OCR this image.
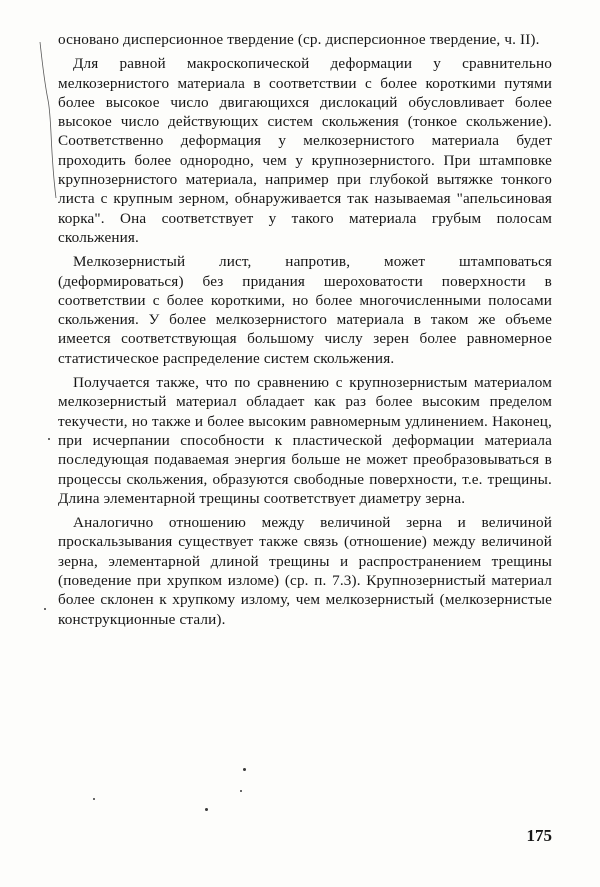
основано дисперсионное твердение (ср. дисперсионное твердение, ч. II).

Для равной макроскопической деформации у сравнительно мелкозернистого материала в соответствии с более короткими путями более высокое число двигающихся дислокаций обусловливает более высокое число действующих систем скольжения (тонкое скольжение). Соответственно деформация у мелкозернистого материала будет проходить более однородно, чем у крупнозернистого. При штамповке крупнозернистого материала, например при глубокой вытяжке тонкого листа с крупным зерном, обнаруживается так называемая "апельсиновая корка". Она соответствует у такого материала грубым полосам скольжения.

Мелкозернистый лист, напротив, может штамповаться (деформироваться) без придания шероховатости поверхности в соответствии с более короткими, но более многочисленными полосами скольжения. У более мелкозернистого материала в таком же объеме имеется соответствующая большому числу зерен более равномерное статистическое распределение систем скольжения.

Получается также, что по сравнению с крупнозернистым материалом мелкозернистый материал обладает как раз более высоким пределом текучести, но также и более высоким равномерным удлинением. Наконец, при исчерпании способности к пластической деформации материала последующая подаваемая энергия больше не может преобразовываться в процессы скольжения, образуются свободные поверхности, т.е. трещины. Длина элементарной трещины соответствует диаметру зерна.

Аналогично отношению между величиной зерна и величиной проскальзывания существует также связь (отношение) между величиной зерна, элементарной длиной трещины и распространением трещины (поведение при хрупком изломе) (ср. п. 7.3). Крупнозернистый материал более склонен к хрупкому излому, чем мелкозернистый (мелкозернистые конструкционные стали).

175
